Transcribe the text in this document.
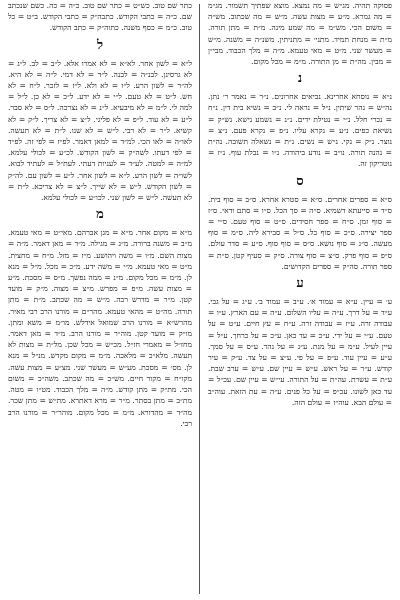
פסוקה תהיה. מג״ש = מה נמצא. מוצא שפתיך תשמור. מג״מ = מה גמרא. מ״ע = מצות עשה. מ״ש = מה שכתוב. מש״ה = משום הכי. מש״מ = מה שמע מינה. מ״ת = מתן תורה. מ״ת = מנחת תמיד. מתני׳ = מתניתין. משנ״ה = משנה. מ״ש = מעשר שני. מ״ט = מאי טעמא. מ״ה = מלך הכבוד. מבי״ן = מבין. מה״ת = מן התורה. מ״מ = מכל מקום.

נ

נ״א = נוסחא אחרינא. נביאים אחרונים. נ״ר = נאמר ר׳ נתן. נה״ש = נהר שיתין. נ״ל = נראה לי. נ״ב = נשיא בית דין. נ״ח = נכרי חלל. נ״י = נטילת ידים. נ״נ = נשמע נישא. נש״ק = נשיאת כפים. נ״ע = נקרא עליו. נ״פ = נקרא פעם. נ״צ = נוצר. נ״ק = נקי. נ״ש = נשים. נ״ת = נשאלה תשובה. נה״ת = נהנה תורה. נו״ב = נודע ביהודה. נ״ו = נבלת עוף. נ״ז = נוטריקון זה.

ס

ס״א = ספרים אחרים. ס״א = סטרא אחרא. ס״ב = סוף בית. ס״ד = סייעתא דשמיא. ס״ה = סך הכל. ס״ו = סתם ודאי. ס״ז = סוף זמן. ס״ח = ספר חסידים. ס״ט = סוף טעם. ס״י = ספר יצירה. ס״כ = סוף כל. ס״ל = סבירא ליה. ס״מ = סוף מעשה. ס״נ = סוף נושא. ס״ס = סוף סוף. ס״ע = סדר עולם. ס״פ = סוף פרק. ס״צ = סוף צורה. ס״ק = סעיף קטן. ס״ת = ספר תורה. סה״ק = ספרים הקדושים.

ע

ע׳ = עיין. ע״א = עמוד א׳. ע״ב = עמוד ב׳. ע״ג = על גבי. ע״ד = על דרך. ע״ה = עליו השלום. ע״ה = עם הארץ. ע״ו = עבודה זרה. ע״ז = עבודה זרה. ע״ח = עץ חיים. ע״ט = על טעם. ע״י = על ידי. ע״כ = עד כאן. ע״כ = על כרחך. ע״ל = עיין לעיל. ע״מ = על מנת. ע״נ = על נהר. ע״ס = על סמך. ע״ע = עיין עוד. ע״פ = על פי. ע״צ = על צד. ע״ק = עיר קודש. ע״ר = על ראש. ע״ש = עיין שם. ע״ש = ערב שבת. ע״ת = עשרת. עה״ת = על התורה. עי״ש = עיין שם. עכ״ל = עד כאן לשונו. עכ״פ = על כל פנים. ע״ה = עת הזאת. עוה״ב = עולם הבא. עוה״ז = עולם הזה.

כתר שם טוב. כש״ט = כתר שם טוב. כ״ה = כה. כשם שנכתב שם. כ״ה = כתבי הקודש. כתבה״ק = כתבי הקודש. ב״ט = כל טוב. כ״מ = כסף משנה. כתוה״ק = כתב הקודש.

ל

ל״א = לשון אחר. לא״א = לא אמרו אלא. ל״ב = לב. ל״ג = לא גרסינן. לבנ״ה = לבנה. ל״ד = לא דמי. ל״ה = לא היא. לה״ר = לשון הרע. ל״ו = לא ולא. ל״ז = לזכר. ל״ח = לא חש. ל״ט = לא טעם. ל״י = לא ידע. ל״כ = לא כן. ל״ל = למה לי. ל״מ = לא מיבעיא. ל״נ = לא נצרכה. ל״ס = לא סבר. ל״ע = לא עוד. ל״פ = לא פליגי. ל״צ = לא צריך. ל״ק = לא קשיא. ל״ר = לא רבי. ל״ש = לא שנו. ל״ת = לא תעשה. לאו״ה = לאו הכי. למ״ד = למאן דאמר. לפ״ז = לפי זה. לפ״ד = לפי דעתו. לשה״ק = לשון הקודש. לכ״ע = לכולי עלמא. למ״ה = למטה. לע״ד = לעניות דעתי. לעת״ל = לעתיד לבוא. לשו״ה = לשון הרע. ל״א = לשון אחר. ל״ע = לשון עם. לה״ק = לשון הקודש. ל״ש = לא שייך. ל״צ = לא צריכא. ל״ת = לא תעשה. ל״ש = לשון שני. לכו״ע = לכולי עלמא.

מ

מ״א = מקום אחר. מ״א = מגן אברהם. מאי״ט = מאי טעמא. מ״ב = משנה ברורה. מ״ג = מגילה. מ״ד = מאן דאמר. מ״ה = מצות השם. מ״ו = משה ויהושע. מ״ז = מזל. מ״ח = מחצית. מ״ט = מאי טעמא. מ״י = משה ידע. מ״כ = מכל. מ״ל = מנא לן. מ״מ = מכל מקום. מ״נ = ממה נפשך. מ״ס = מסכת. מ״ע = מצות עשה. מ״פ = מפרש. מ״צ = מצוה. מ״ק = מועד קטן. מ״ר = מדרש רבה. מ״ש = מה שכתב. מ״ת = מתן תורה. מה״ט = מהאי טעמא. מהר״ם = מורנו הרב רבי מאיר. מהרש״א = מורנו הרב שמואל אידלש. מו״מ = משא ומתן. מו״ק = מועד קטן. מוה״ר = מורנו הרב. מ״ד = מאן דאמר. מחז״ל = מאמרי חז״ל. מכ״ש = מכל שכן. מל״ת = מצות לא תעשה. מלא״כ = מלאכה. מ״מ = מקום מקדש. מנ״ל = מנא לן. מס׳ = מסכת. מע״ש = מעשר שני. מצ״ע = מצות עשה. מקו״ח = מקור חיים. מש״כ = מה שכתב. משה״כ = משום הכי. מת״ק = מתן קודש. מ״ה = מלך הכבוד. מט״ו = מטה. מת״ב = מתן בסתר. מ״ר = מרא דאתרא. מת״ש = מתן שכר. מה״ד = מהדורא. מ״מ = מכל מקום. מוהר״ר = מורנו הרב רבי.
